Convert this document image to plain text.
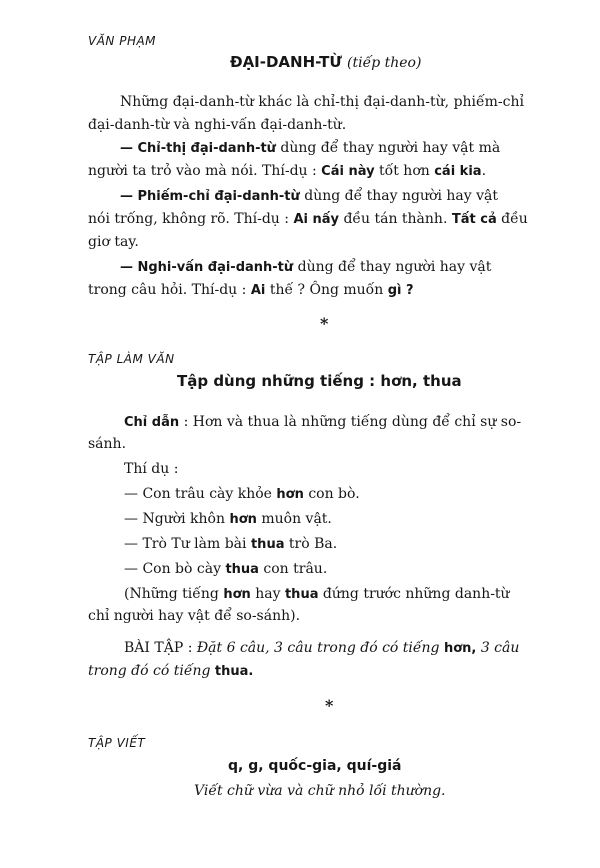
VĂN PHẠM
ĐẠI-DANH-TỪ (tiếp theo)
Những đại-danh-từ khác là chỉ-thị đại-danh-từ, phiếm-chỉ
đại-danh-từ và nghi-vấn đại-danh-từ.
— Chỉ-thị đại-danh-từ dùng để thay người hay vật mà
người ta trỏ vào mà nói. Thí-dụ : Cái này tốt hơn cái kia.
— Phiếm-chỉ đại-danh-từ dùng để thay người hay vật
nói trống, không rõ. Thí-dụ : Ai nấy đều tán thành. Tất cả đều
giơ tay.
— Nghi-vấn đại-danh-từ dùng để thay người hay vật
trong câu hỏi. Thí-dụ : Ai thế ? Ông muốn gì ?
*
TẬP LÀM VĂN
Tập dùng những tiếng : hơn, thua
Chỉ dẫn : Hơn và thua là những tiếng dùng để chỉ sự so-
sánh.
Thí dụ :
— Con trâu cày khỏe hơn con bò.
— Người khôn hơn muôn vật.
— Trò Tư làm bài thua trò Ba.
— Con bò cày thua con trâu.
(Những tiếng hơn hay thua đứng trước những danh-từ
chỉ người hay vật để so-sánh).
BÀI TẬP : Đặt 6 câu, 3 câu trong đó có tiếng hơn, 3 câu
trong đó có tiếng thua.
*
TẬP VIẾT
q, g, quốc-gia, quí-giá
Viết chữ vừa và chữ nhỏ lối thường.
